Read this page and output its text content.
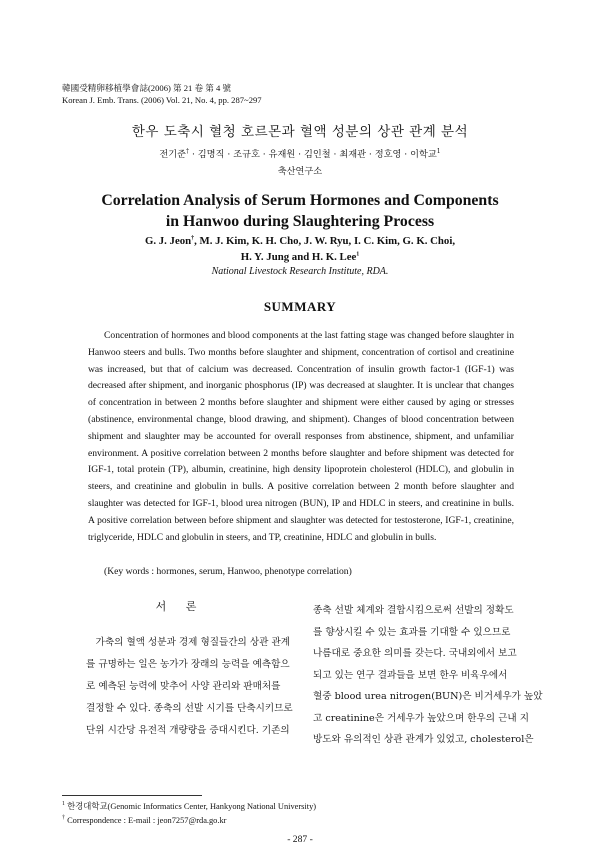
韓國受精卵移植學會誌(2006) 第 21 卷 第 4 號
Korean J. Emb. Trans. (2006) Vol. 21, No. 4, pp. 287~297
한우 도축시 혈청 호르몬과 혈액 성분의 상관 관계 분석
전기준† · 김명직 · 조규호 · 유재원 · 김인철 · 최재관 · 정호영 · 이학교$^1$
축산연구소
Correlation Analysis of Serum Hormones and Components
in Hanwoo during Slaughtering Process
G. J. Jeon†, M. J. Kim, K. H. Cho, J. W. Ryu, I. C. Kim, G. K. Choi,
H. Y. Jung and H. K. Lee$^1$
National Livestock Research Institute, RDA.
SUMMARY

Concentration of hormones and blood components at the last fatting stage was changed before slaughter in Hanwoo steers and bulls. Two months before slaughter and shipment, concentration of cortisol and creatinine was increased, but that of calcium was decreased. Concentration of insulin growth factor-1 (IGF-1) was decreased after shipment, and inorganic phosphorus (IP) was decreased at slaughter. It is unclear that changes of concentration in between 2 months before slaughter and shipment were either caused by aging or stresses (abstinence, environmental change, blood drawing, and shipment). Changes of blood concentration between shipment and slaughter may be accounted for overall responses from abstinence, shipment, and unfamiliar environment. A positive correlation between 2 months before slaughter and before shipment was detected for IGF-1, total protein (TP), albumin, creatinine, high density lipoprotein cholesterol (HDLC), and globulin in steers, and creatinine and globulin in bulls. A positive correlation between 2 month before slaughter and slaughter was detected for IGF-1, blood urea nitrogen (BUN), IP and HDLC in steers, and creatinine in bulls. A positive correlation between before shipment and slaughter was detected for testosterone, IGF-1, creatinine, triglyceride, HDLC and globulin in steers, and TP, creatinine, HDLC and globulin in bulls.

(Key words : hormones, serum, Hanwoo, phenotype correlation)
서 론
　가축의 혈액 성분과 경제 형질들간의 상관 관계
를 규명하는 일은 농가가 장래의 능력을 예측함으
로 예측된 능력에 맞추어 사양 관리와 판매처를
결정할 수 있다. 종축의 선발 시기를 단축시키므로
단위 시간당 유전적 개량량을 증대시킨다. 기존의
종축 선발 체계와 결합시킴으로써 선발의 정확도
를 향상시킬 수 있는 효과를 기대할 수 있으므로
나름대로 중요한 의미를 갖는다. 국내외에서 보고
되고 있는 연구 결과들을 보면 한우 비육우에서
혈중 blood urea nitrogen(BUN)은 비거세우가 높았
고 creatinine은 거세우가 높았으며 한우의 근내 지
방도와 유의적인 상관 관계가 있었고, cholesterol은
$^1$ 한경대학교(Genomic Informatics Center, Hankyong National University)
† Correspondence : E-mail : jeon7257@rda.go.kr
- 287 -
